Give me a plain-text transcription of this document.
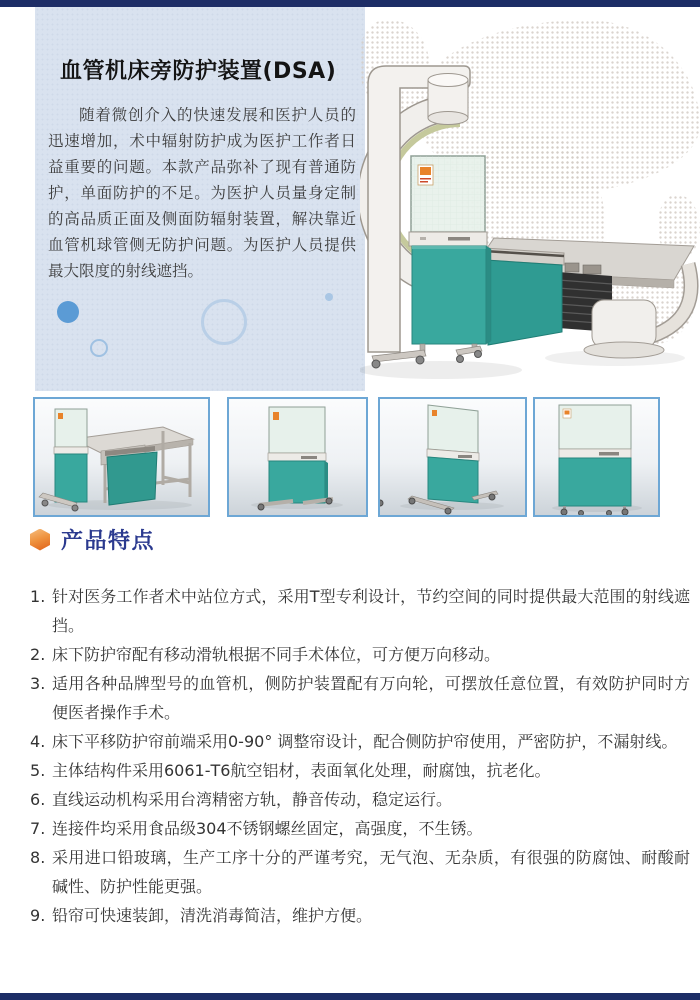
血管机床旁防护装置(DSA)

随着微创介入的快速发展和医护人员的迅速增加，术中辐射防护成为医护工作者日益重要的问题。本款产品弥补了现有普通防护，单面防护的不足。为医护人员量身定制的高品质正面及侧面防辐射装置，解决靠近血管机球管侧无防护问题。为医护人员提供最大限度的射线遮挡。

产品特点
针对医务工作者术中站位方式，采用T型专利设计，节约空间的同时提供最大范围的射线遮挡。
床下防护帘配有移动滑轨根据不同手术体位，可方便万向移动。
适用各种品牌型号的血管机，侧防护装置配有万向轮，可摆放任意位置，有效防护同时方便医者操作手术。
床下平移防护帘前端采用0-90° 调整帘设计，配合侧防护帘使用，严密防护，不漏射线。
主体结构件采用6061-T6航空铝材，表面氧化处理，耐腐蚀，抗老化。
直线运动机构采用台湾精密方轨，静音传动，稳定运行。
连接件均采用食品级304不锈钢螺丝固定，高强度，不生锈。
采用进口铅玻璃，生产工序十分的严谨考究，无气泡、无杂质，有很强的防腐蚀、耐酸耐碱性、防护性能更强。
铅帘可快速装卸，清洗消毒简洁，维护方便。
